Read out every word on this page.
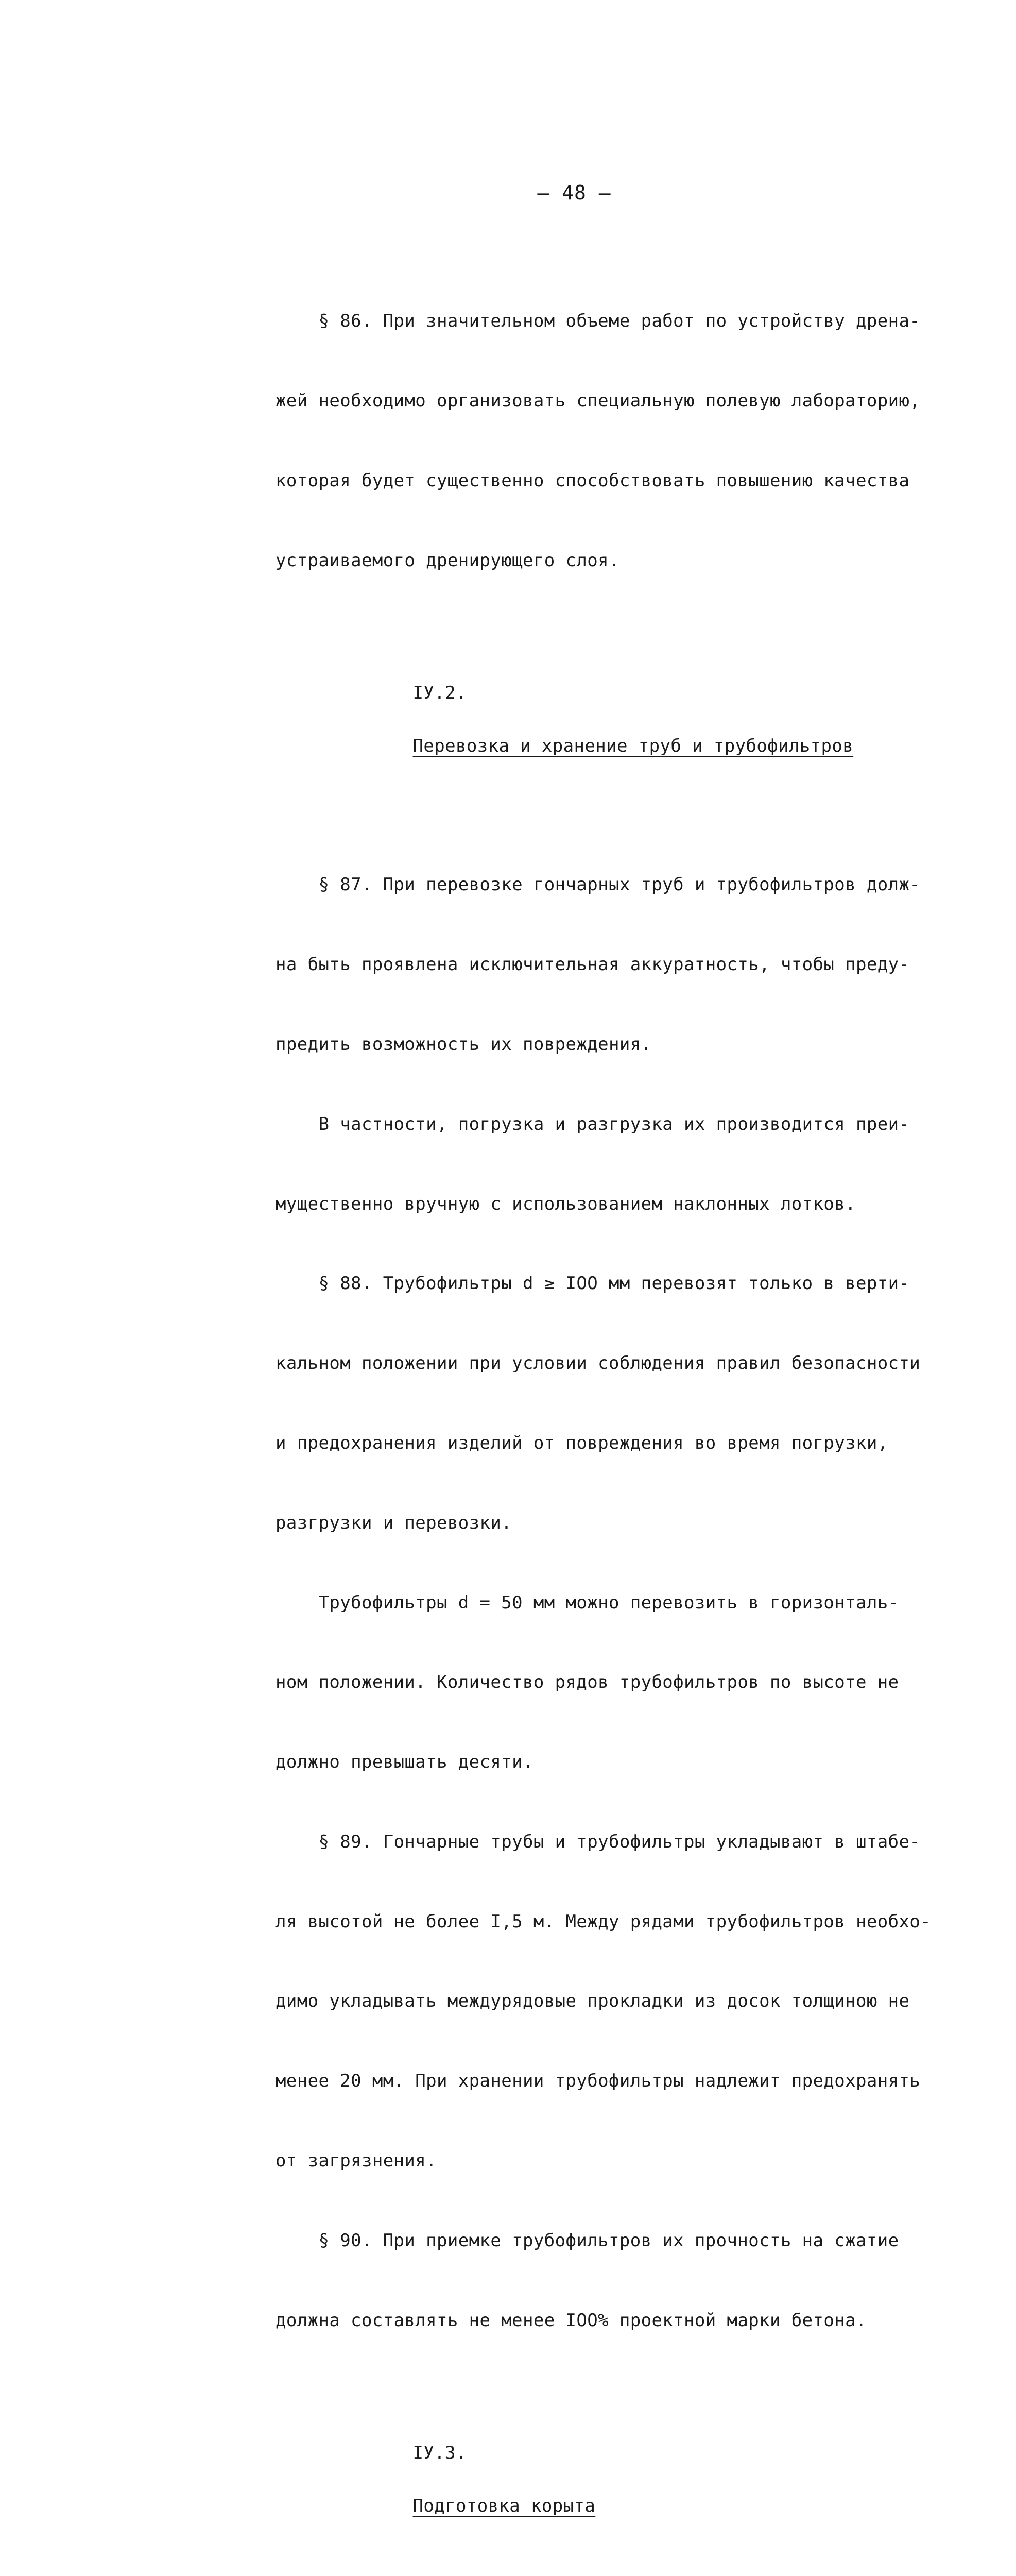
— 48 —

§ 86. При значительном объеме работ по устройству дрена-

жей необходимо организовать специальную полевую лабораторию,

которая будет существенно способствовать повышению качества

устраиваемого дренирующего слоя.

IУ.2.

Перевозка и хранение труб и трубофильтров

§ 87. При перевозке гончарных труб и трубофильтров долж-

на быть проявлена исключительная аккуратность, чтобы преду-

предить возможность их повреждения.

В частности, погрузка и разгрузка их производится преи-

мущественно вручную с использованием наклонных лотков.

§ 88. Трубофильтры d ≥ IOO мм перевозят только в верти-

кальном положении при условии соблюдения правил безопасности

и предохранения изделий от повреждения во время погрузки,

разгрузки и перевозки.

Трубофильтры d = 50 мм можно перевозить в горизонталь-

ном положении. Количество рядов трубофильтров по высоте не

должно превышать десяти.

§ 89. Гончарные трубы и трубофильтры укладывают в штабе-

ля высотой не более I,5 м. Между рядами трубофильтров необхо-

димо укладывать междурядовые прокладки из досок толщиною не

менее 20 мм. При хранении трубофильтры надлежит предохранять

от загрязнения.

§ 90. При приемке трубофильтров их прочность на сжатие

должна составлять не менее IOO% проектной марки бетона.

IУ.3.

Подготовка корыта
